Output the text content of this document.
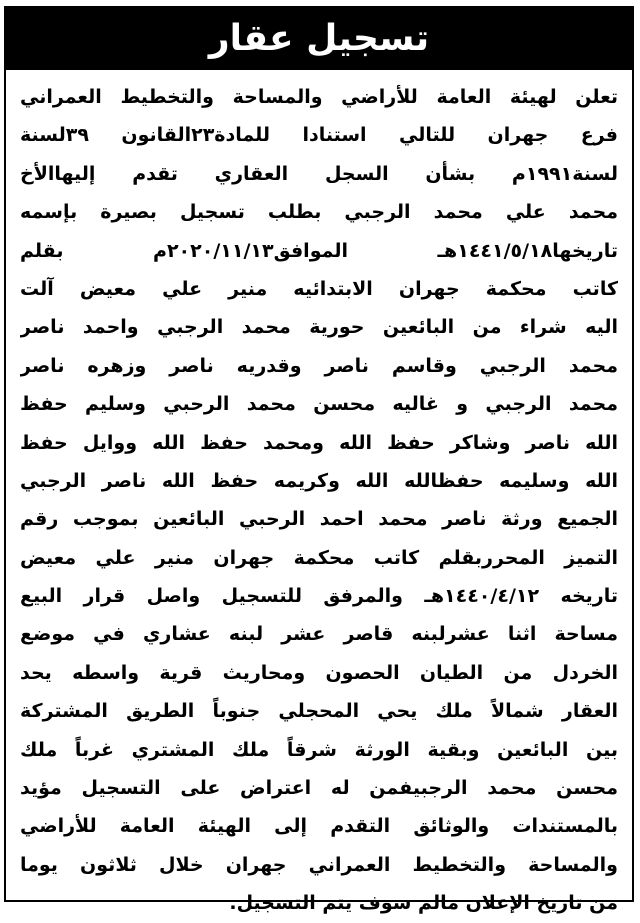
تسجيل عقار
تعلن لهيئة العامة للأراضي والمساحة والتخطيط العمراني
فرع جهران للتالي استنادا للمادة٢٣القانون ٣٩لسنة
لسنة١٩٩١م بشأن السجل العقاري تقدم إليهاالأخ
محمد علي محمد الرجبي بطلب تسجيل بصيرة بإسمه
تاريخها١٤٤١/٥/١٨هـ الموافق٢٠٢٠/١١/١٣م بقلم
كاتب محكمة جهران الابتدائيه منير علي معيض آلت
اليه شراء من البائعين حورية محمد الرجبي واحمد ناصر
محمد الرجبي وقاسم ناصر وقدريه ناصر وزهره ناصر
محمد الرجبي و غاليه محسن محمد الرحبي وسليم حفظ
الله ناصر وشاكر حفظ الله ومحمد حفظ الله ووايل حفظ
الله وسليمه حفظالله الله وكريمه حفظ الله ناصر الرجبي
الجميع ورثة ناصر محمد احمد الرحبي البائعين بموجب رقم
التميز المحرربقلم كاتب محكمة جهران منير علي معيض
تاريخه ١٤٤٠/٤/١٢هـ والمرفق للتسجيل واصل قرار البيع
مساحة اثنا عشرلبنه قاصر عشر لبنه عشاري في موضع
الخردل من الطيان الحصون ومحاريث قرية واسطه يحد
العقار شمالاً ملك يحي المحجلي جنوباً الطريق المشتركة
بين البائعين وبقية الورثة شرقاً ملك المشتري غرباً ملك
محسن محمد الرجبيفمن له اعتراض على التسجيل مؤيد
بالمستندات والوثائق التقدم إلى الهيئة العامة للأراضي
والمساحة والتخطيط العمراني جهران خلال ثلاثون يوما
من تاريخ الإعلان مالم سوف يتم التسجيل.
